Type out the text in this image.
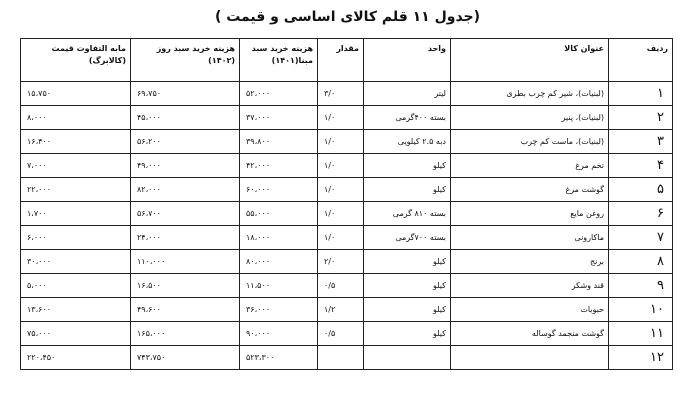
(جدول ۱۱ قلم کالای اساسی و قیمت )
ردیف	عنوان کالا	واحد	مقدار	هزینه خرید سبد مبنا(۱۴۰۱)	هزینه خرید سبد روز (۱۴۰۲)	مابه التفاوت قیمت (کالابرگ)
۱	(لبنیات)، شیر کم چرب بطری	لیتر	۳/۰	۵۲،۰۰۰	۶۹،۷۵۰	۱۵،۷۵۰
۲	(لبنیات)، پنیر	بسته ۴۰۰گرمی	۱/۰	۳۷،۰۰۰	۴۵،۰۰۰	۸،۰۰۰
۳	(لبنیات)، ماست کم چرب	دبه ۲.۵ کیلویی	۱/۰	۳۹،۸۰۰	۵۶،۲۰۰	۱۶،۴۰۰
۴	تخم مرغ	کیلو	۱/۰	۴۲،۰۰۰	۴۹،۰۰۰	۷،۰۰۰
۵	گوشت مرغ	کیلو	۱/۰	۶۰،۰۰۰	۸۲،۰۰۰	۲۲،۰۰۰
۶	روغن مایع	بسته ۸۱۰ گرمی	۱/۰	۵۵،۰۰۰	۵۶،۷۰۰	۱،۷۰۰
۷	ماکارونی	بسته ۷۰۰گرمی	۱/۰	۱۸،۰۰۰	۲۴،۰۰۰	۶،۰۰۰
۸	برنج	کیلو	۲/۰	۸۰،۰۰۰	۱۱۰،۰۰۰	۳۰،۰۰۰
۹	قند وشکر	کیلو	۰/۵	۱۱،۵۰۰	۱۶،۵۰۰	۵،۰۰۰
۱۰	حبوبات	کیلو	۱/۲	۳۶،۰۰۰	۴۹،۶۰۰	۱۳،۶۰۰
۱۱	گوشت منجمد گوساله	کیلو	۰/۵	۹۰،۰۰۰	۱۶۵،۰۰۰	۷۵،۰۰۰
۱۲				۵۲۳،۳۰۰	۷۴۳،۷۵۰	۲۲۰،۴۵۰
